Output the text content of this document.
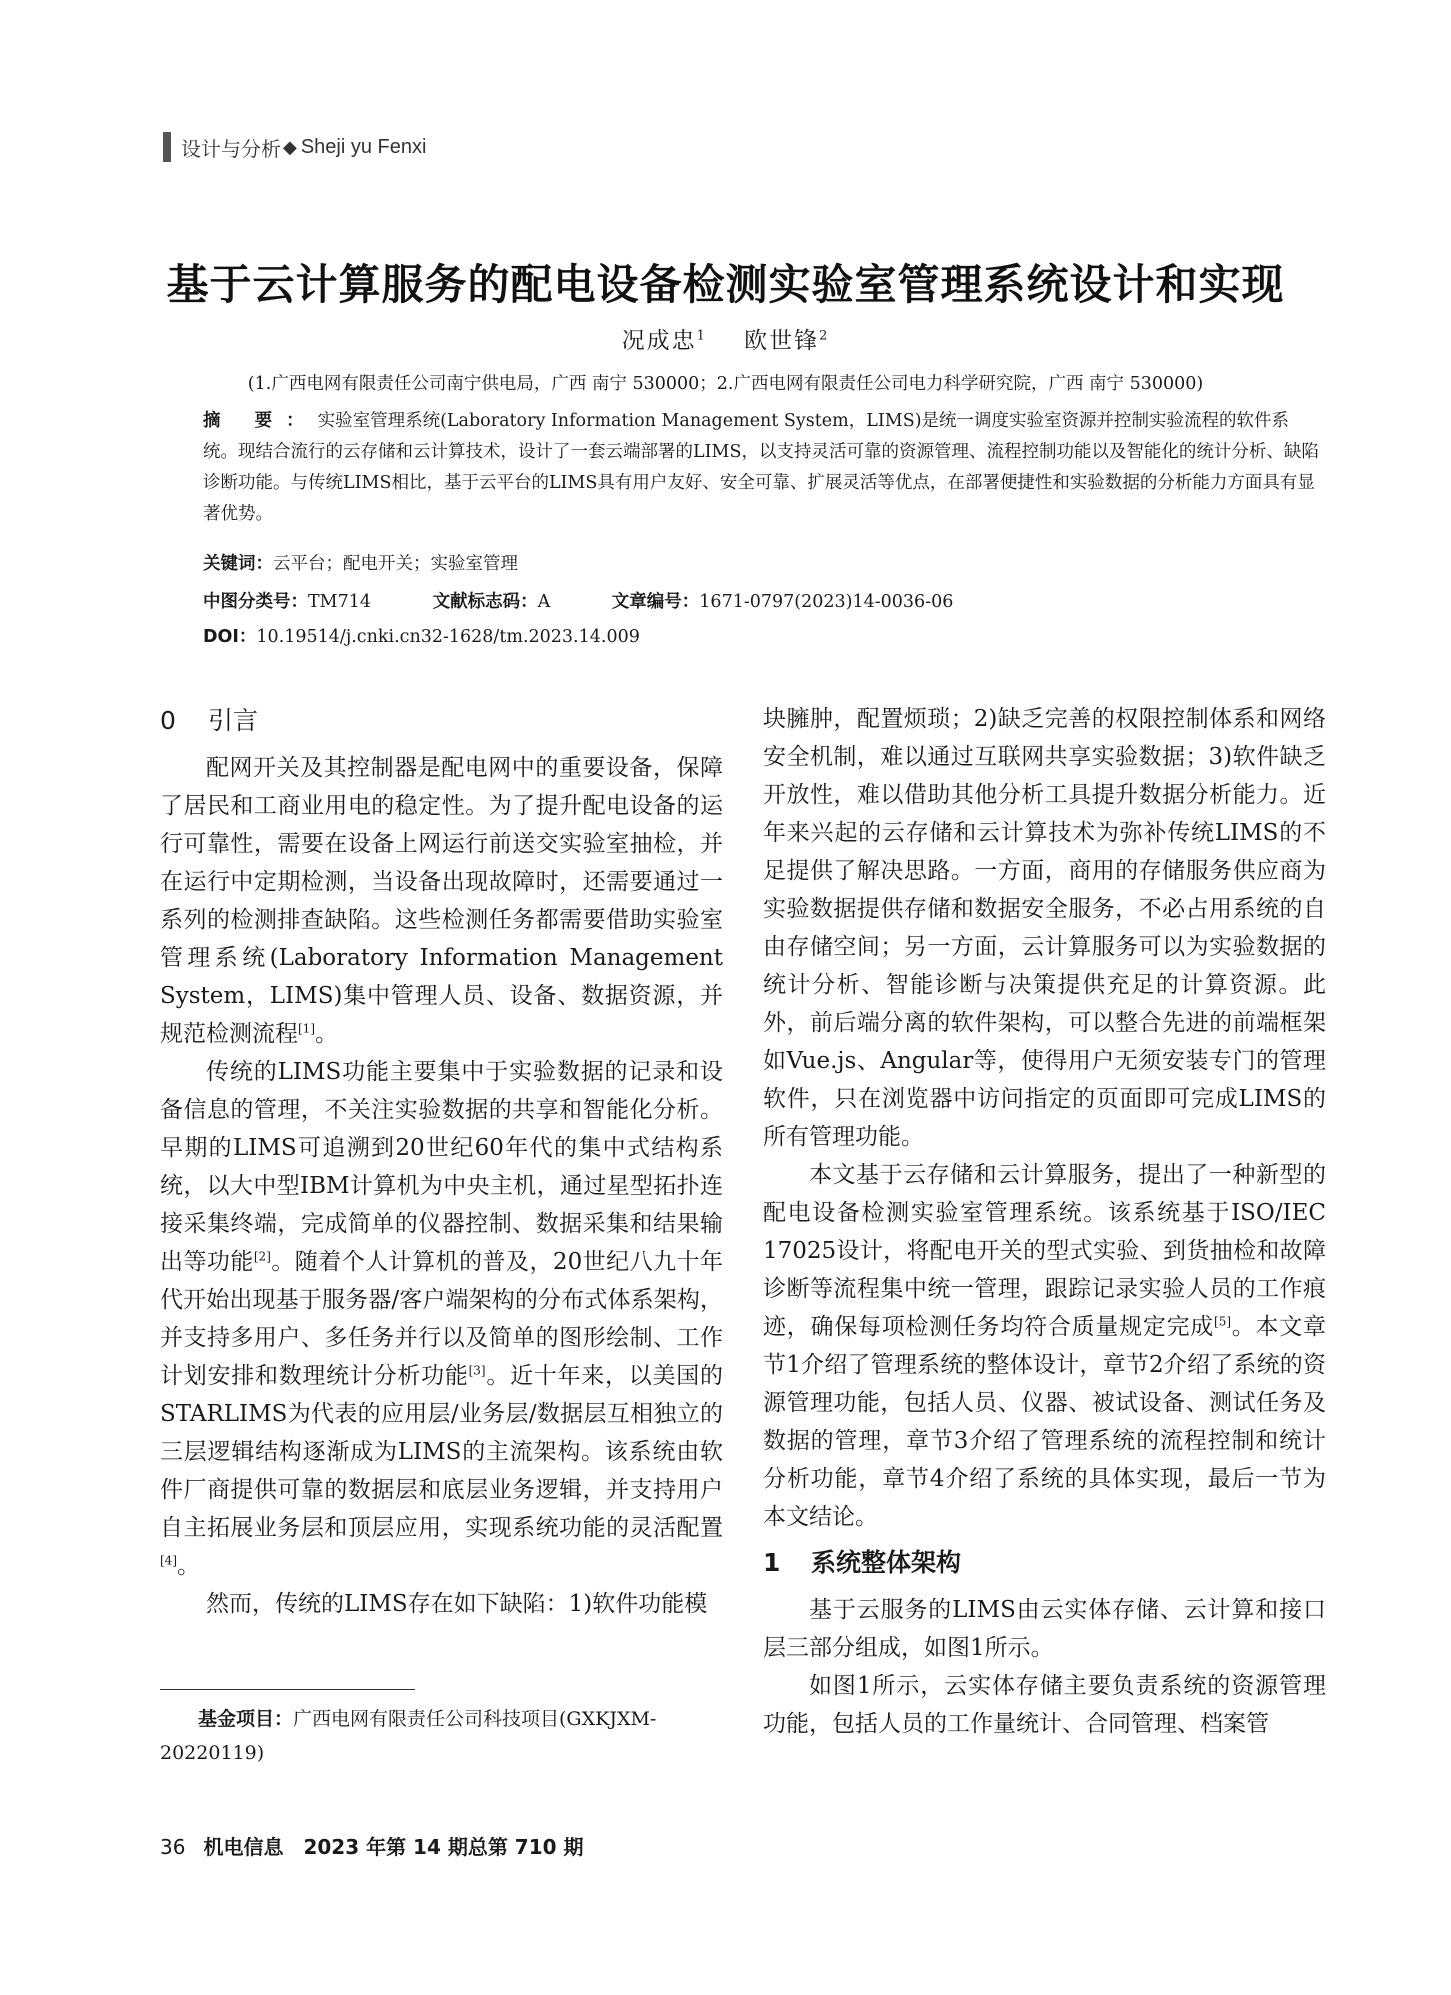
设计与分析 ◆ Sheji yu Fenxi
基于云计算服务的配电设备检测实验室管理系统设计和实现
况成忠$^1$ 欧世锋$^2$
(1.广西电网有限责任公司南宁供电局，广西 南宁 530000；2.广西电网有限责任公司电力科学研究院，广西 南宁 530000)
摘 要：实验室管理系统(Laboratory Information Management System，LIMS)是统一调度实验室资源并控制实验流程的软件系统。现结合流行的云存储和云计算技术，设计了一套云端部署的LIMS，以支持灵活可靠的资源管理、流程控制功能以及智能化的统计分析、缺陷诊断功能。与传统LIMS相比，基于云平台的LIMS具有用户友好、安全可靠、扩展灵活等优点，在部署便捷性和实验数据的分析能力方面具有显著优势。
关键词：云平台；配电开关；实验室管理
中图分类号：TM714	文献标志码：A	文章编号：1671-0797(2023)14-0036-06
DOI：10.19514/j.cnki.cn32-1628/tm.2023.14.009
0 引言

配网开关及其控制器是配电网中的重要设备，保障了居民和工商业用电的稳定性。为了提升配电设备的运行可靠性，需要在设备上网运行前送交实验室抽检，并在运行中定期检测，当设备出现故障时，还需要通过一系列的检测排查缺陷。这些检测任务都需要借助实验室管理系统(Laboratory Information Management System，LIMS)集中管理人员、设备、数据资源，并规范检测流程[1]。

传统的LIMS功能主要集中于实验数据的记录和设备信息的管理，不关注实验数据的共享和智能化分析。早期的LIMS可追溯到20世纪60年代的集中式结构系统，以大中型IBM计算机为中央主机，通过星型拓扑连接采集终端，完成简单的仪器控制、数据采集和结果输出等功能[2]。随着个人计算机的普及，20世纪八九十年代开始出现基于服务器/客户端架构的分布式体系架构，并支持多用户、多任务并行以及简单的图形绘制、工作计划安排和数理统计分析功能[3]。近十年来，以美国的STARLIMS为代表的应用层/业务层/数据层互相独立的三层逻辑结构逐渐成为LIMS的主流架构。该系统由软件厂商提供可靠的数据层和底层业务逻辑，并支持用户自主拓展业务层和顶层应用，实现系统功能的灵活配置[4]。

然而，传统的LIMS存在如下缺陷：1)软件功能模

块臃肿，配置烦琐；2)缺乏完善的权限控制体系和网络安全机制，难以通过互联网共享实验数据；3)软件缺乏开放性，难以借助其他分析工具提升数据分析能力。近年来兴起的云存储和云计算技术为弥补传统LIMS的不足提供了解决思路。一方面，商用的存储服务供应商为实验数据提供存储和数据安全服务，不必占用系统的自由存储空间；另一方面，云计算服务可以为实验数据的统计分析、智能诊断与决策提供充足的计算资源。此外，前后端分离的软件架构，可以整合先进的前端框架如Vue.js、Angular等，使得用户无须安装专门的管理软件，只在浏览器中访问指定的页面即可完成LIMS的所有管理功能。

本文基于云存储和云计算服务，提出了一种新型的配电设备检测实验室管理系统。该系统基于ISO/IEC 17025设计，将配电开关的型式实验、到货抽检和故障诊断等流程集中统一管理，跟踪记录实验人员的工作痕迹，确保每项检测任务均符合质量规定完成[5]。本文章节1介绍了管理系统的整体设计，章节2介绍了系统的资源管理功能，包括人员、仪器、被试设备、测试任务及数据的管理，章节3介绍了管理系统的流程控制和统计分析功能，章节4介绍了系统的具体实现，最后一节为本文结论。

1 系统整体架构

基于云服务的LIMS由云实体存储、云计算和接口层三部分组成，如图1所示。

如图1所示，云实体存储主要负责系统的资源管理功能，包括人员的工作量统计、合同管理、档案管

基金项目：广西电网有限责任公司科技项目(GXKJXM-20220119)
36 机电信息　2023 年第 14 期总第 710 期
